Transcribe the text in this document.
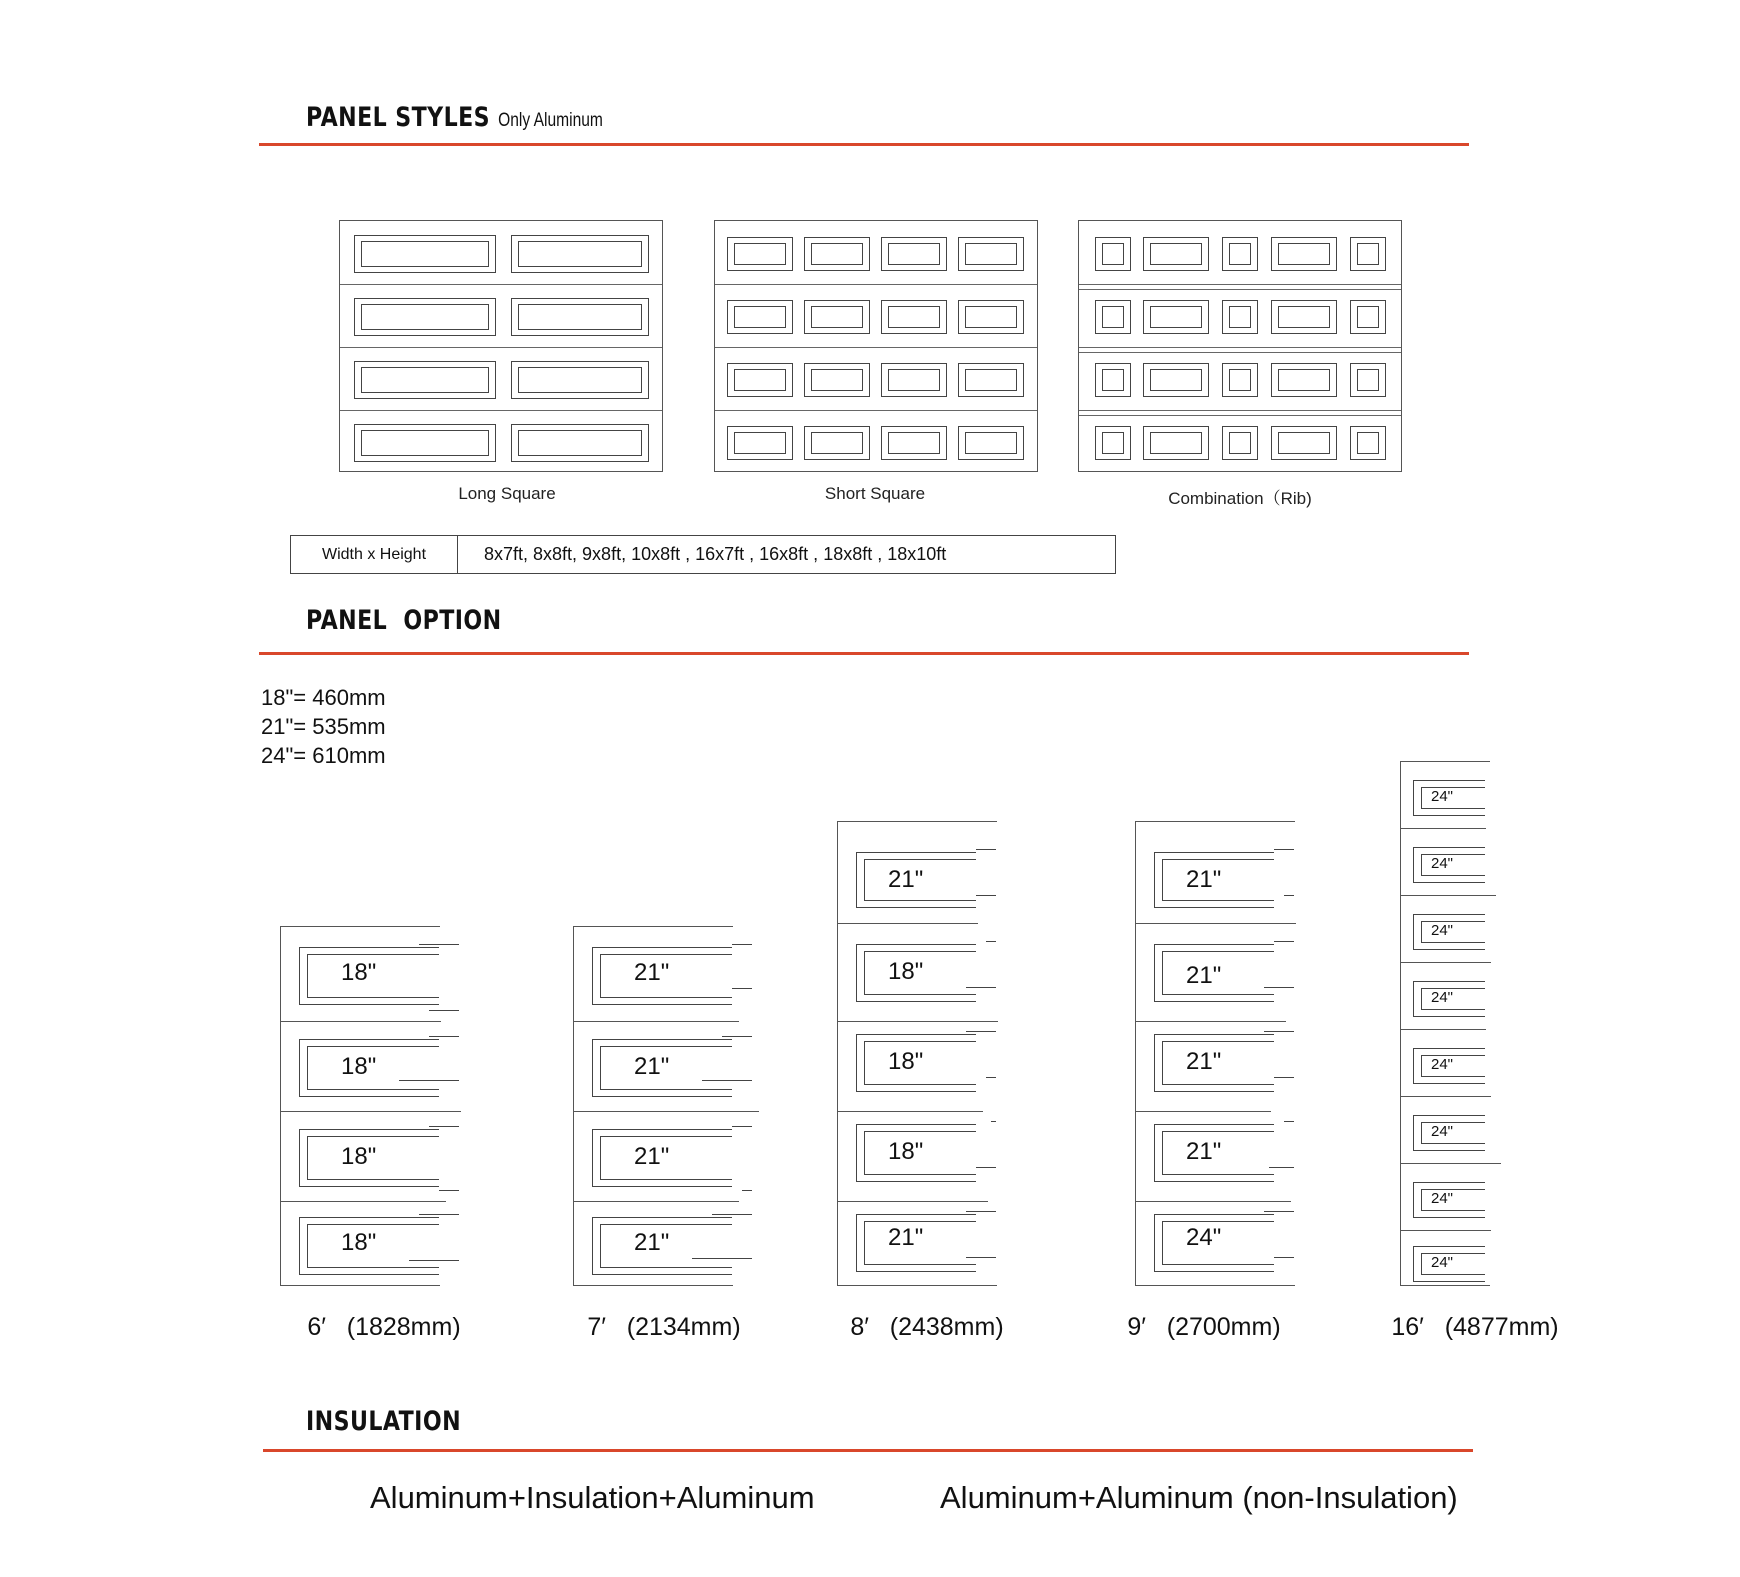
PANEL STYLES Only Aluminum
Long Square	Short Square	Combination（Rib)
Width x Height	8x7ft, 8x8ft, 9x8ft, 10x8ft , 16x7ft , 16x8ft , 18x8ft , 18x10ft
PANEL  OPTION
18"= 460mm
21"= 535mm
24"= 610mm
18"
18"
18"
18"
6′   (1828mm)
21"
21"
21"
21"
7′   (2134mm)
21"
18"
18"
18"
21"
8′   (2438mm)
21"
21"
21"
21"
24"
9′   (2700mm)
24"
24"
24"
24"
24"
24"
24"
24"
16′   (4877mm)
INSULATION
Aluminum+Insulation+Aluminum	Aluminum+Aluminum (non-Insulation)
